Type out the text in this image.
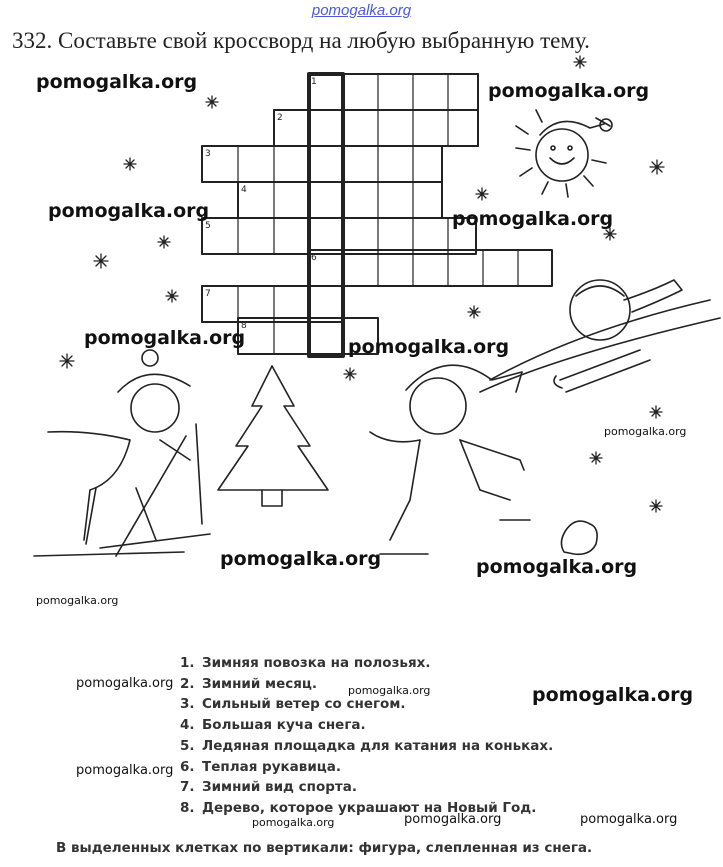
pomogalka.org
332. Составьте свой кроссворд на любую выбранную тему.
1
2
3
4
5
6
7
8
pomogalka.org	pomogalka.org
pomogalka.org	pomogalka.org
pomogalka.org	pomogalka.org
pomogalka.org
pomogalka.org	pomogalka.org
pomogalka.org
pomogalka.org	pomogalka.org	pomogalka.org
pomogalka.org
pomogalka.org	pomogalka.org	pomogalka.org
1. Зимняя повозка на полозьях.
2. Зимний месяц.
3. Сильный ветер со снегом.
4. Большая куча снега.
5. Ледяная площадка для катания на коньках.
6. Теплая рукавица.
7. Зимний вид спорта.
8. Дерево, которое украшают на Новый Год.
В выделенных клетках по вертикали: фигура, слепленная из снега.
